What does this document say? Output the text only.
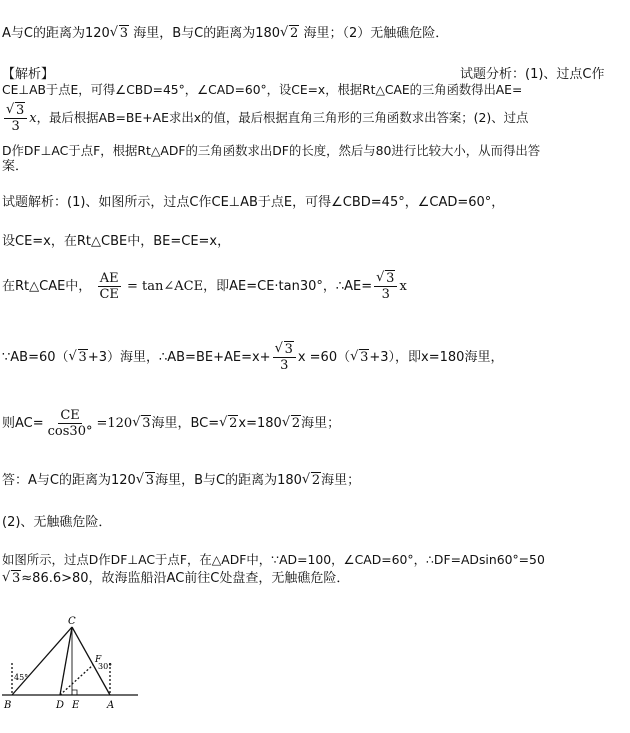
A与C的距离为120√ 3 海里，B与C的距离为180√ 2 海里；（2）无触礁危险．
【解析】	试题分析：(1)、过点C作
CE⊥AB于点E，可得∠CBD=45°，∠CAD=60°，设CE=x，根据Rt△CAE的三角函数得出AE=
√ $\frac{3}{3}$ x，最后根据AB=BE+AE求出x的值，最后根据直角三角形的三角函数求出答案；(2)、过点
D作DF⊥AC于点F，根据Rt△ADF的三角函数求出DF的长度，然后与80进行比较大小，从而得出答
案．
试题解析：(1)、如图所示，过点C作CE⊥AB于点E，可得∠CBD=45°，∠CAD=60°，
设CE=x，在Rt△CBE中，BE=CE=x，
在Rt△CAE中， $\frac{AE}{CE}$ = tan∠ACE，即AE=CE·tan30°，∴AE=
√ $\frac{3}{3}$ x
∵AB=60（√ 3+3）海里，∴AB=BE+AE=x+
√ $\frac{3}{3}$ x =60（√ 3+3），即x=180海里，
则$AC= \frac{CE}{\cos 30^\circ} =120√$ 3海里，BC=√ 2x=180√ 2海里；
答：A与C的距离为120√ 3海里，B与C的距离为180√ 2海里；
(2)、无触礁危险．
如图所示，过点D作DF⊥AC于点F，在△ADF中，∵AD=100，∠CAD=60°，∴DF=ADsin60°=50
√ 3≈86.6>80，故海监船沿AC前往C处盘查，无触礁危险．
C
F
B	D E	A
45°
30°
